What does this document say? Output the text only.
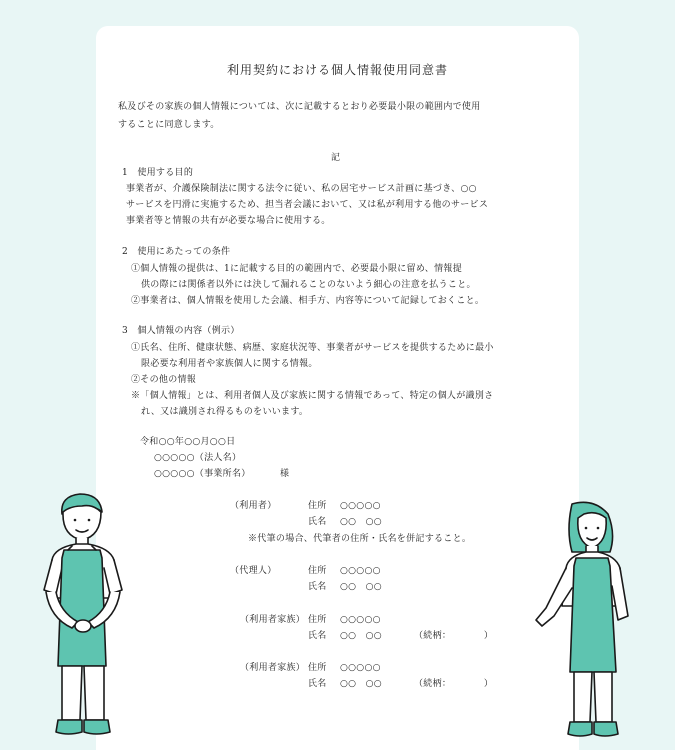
利用契約における個人情報使用同意書
私及びその家族の個人情報については、次に記載するとおり必要最小限の範囲内で使用
することに同意します。
記
1　使用する目的
事業者が、介護保険制法に関する法令に従い、私の居宅サービス計画に基づき、○○
サービスを円滑に実施するため、担当者会議において、又は私が利用する他のサービス
事業者等と情報の共有が必要な場合に使用する。
2　使用にあたっての条件
①個人情報の提供は、1に記載する目的の範囲内で、必要最小限に留め、情報提
供の際には関係者以外には決して漏れることのないよう細心の注意を払うこと。
②事業者は、個人情報を使用した会議、相手方、内容等について記録しておくこと。
3　個人情報の内容（例示）
①氏名、住所、健康状態、病歴、家庭状況等、事業者がサービスを提供するために最小
限必要な利用者や家族個人に関する情報。
②その他の情報
※「個人情報」とは、利用者個人及び家族に関する情報であって、特定の個人が識別さ
れ、又は識別され得るものをいいます。
令和○○年○○月○○日
○○○○○（法人名）
○○○○○（事業所名）	様
（利用者）	住所 ○○○○○
氏名 ○○　○○
※代筆の場合、代筆者の住所・氏名を併記すること。
（代理人）	住所 ○○○○○
氏名 ○○　○○
（利用者家族） 住所 ○○○○○
氏名 ○○　○○	（続柄：　　　　）
（利用者家族） 住所 ○○○○○
氏名 ○○　○○	（続柄：　　　　）
